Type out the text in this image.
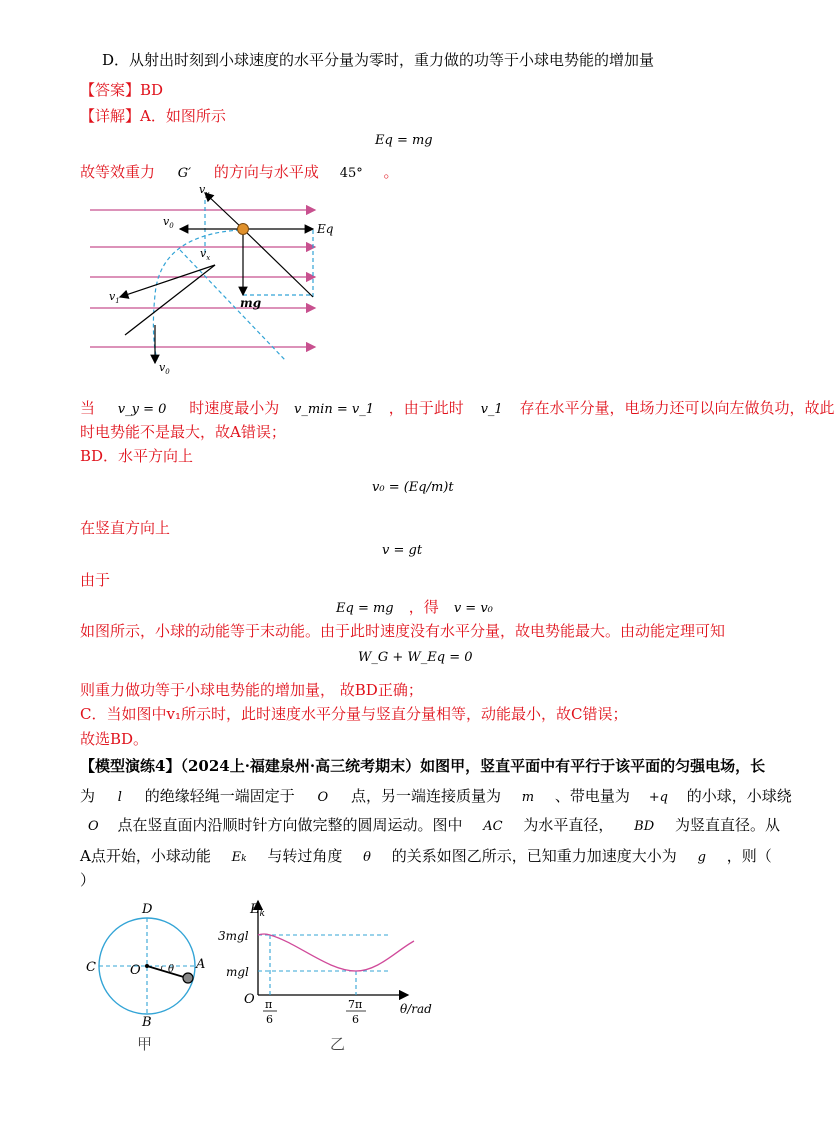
D．从射出时刻到小球速度的水平分量为零时，重力做的功等于小球电势能的增加量
【答案】BD
【详解】A．如图所示
Eq = mg
故等效重力 G′ 的方向与水平成 45° 。
$v_y$
$v_0$
$v_x$
Eq
mg
$v_1$
$v_0$
当 v_y = 0 时速度最小为 v_min = v_1 ，由于此时 v_1 存在水平分量，电场力还可以向左做负功，故此
时电势能不是最大，故A错误；
BD．水平方向上
v₀ = (Eq/m)t
在竖直方向上
v = gt
由于
Eq = mg ，得 v = v₀
如图所示，小球的动能等于末动能。由于此时速度没有水平分量，故电势能最大。由动能定理可知
W_G + W_Eq = 0
则重力做功等于小球电势能的增加量， 故BD正确；
C．当如图中v₁所示时，此时速度水平分量与竖直分量相等，动能最小，故C错误；
故选BD。
【模型演练4】（2024上·福建泉州·高三统考期末）如图甲，竖直平面中有平行于该平面的匀强电场，长
为 l 的绝缘轻绳一端固定于 O 点，另一端连接质量为 m 、带电量为 +q 的小球，小球绕
O 点在竖直面内沿顺时针方向做完整的圆周运动。图中 AC 为水平直径， BD 为竖直直径。从
A点开始，小球动能 Ek 与转过角度 θ 的关系如图乙所示，已知重力加速度大小为 g ，则（
）
D
C	O	A
B
θ
甲
$E_k$
3mgl
mgl
O π
6
7π
6
θ/rad
乙
